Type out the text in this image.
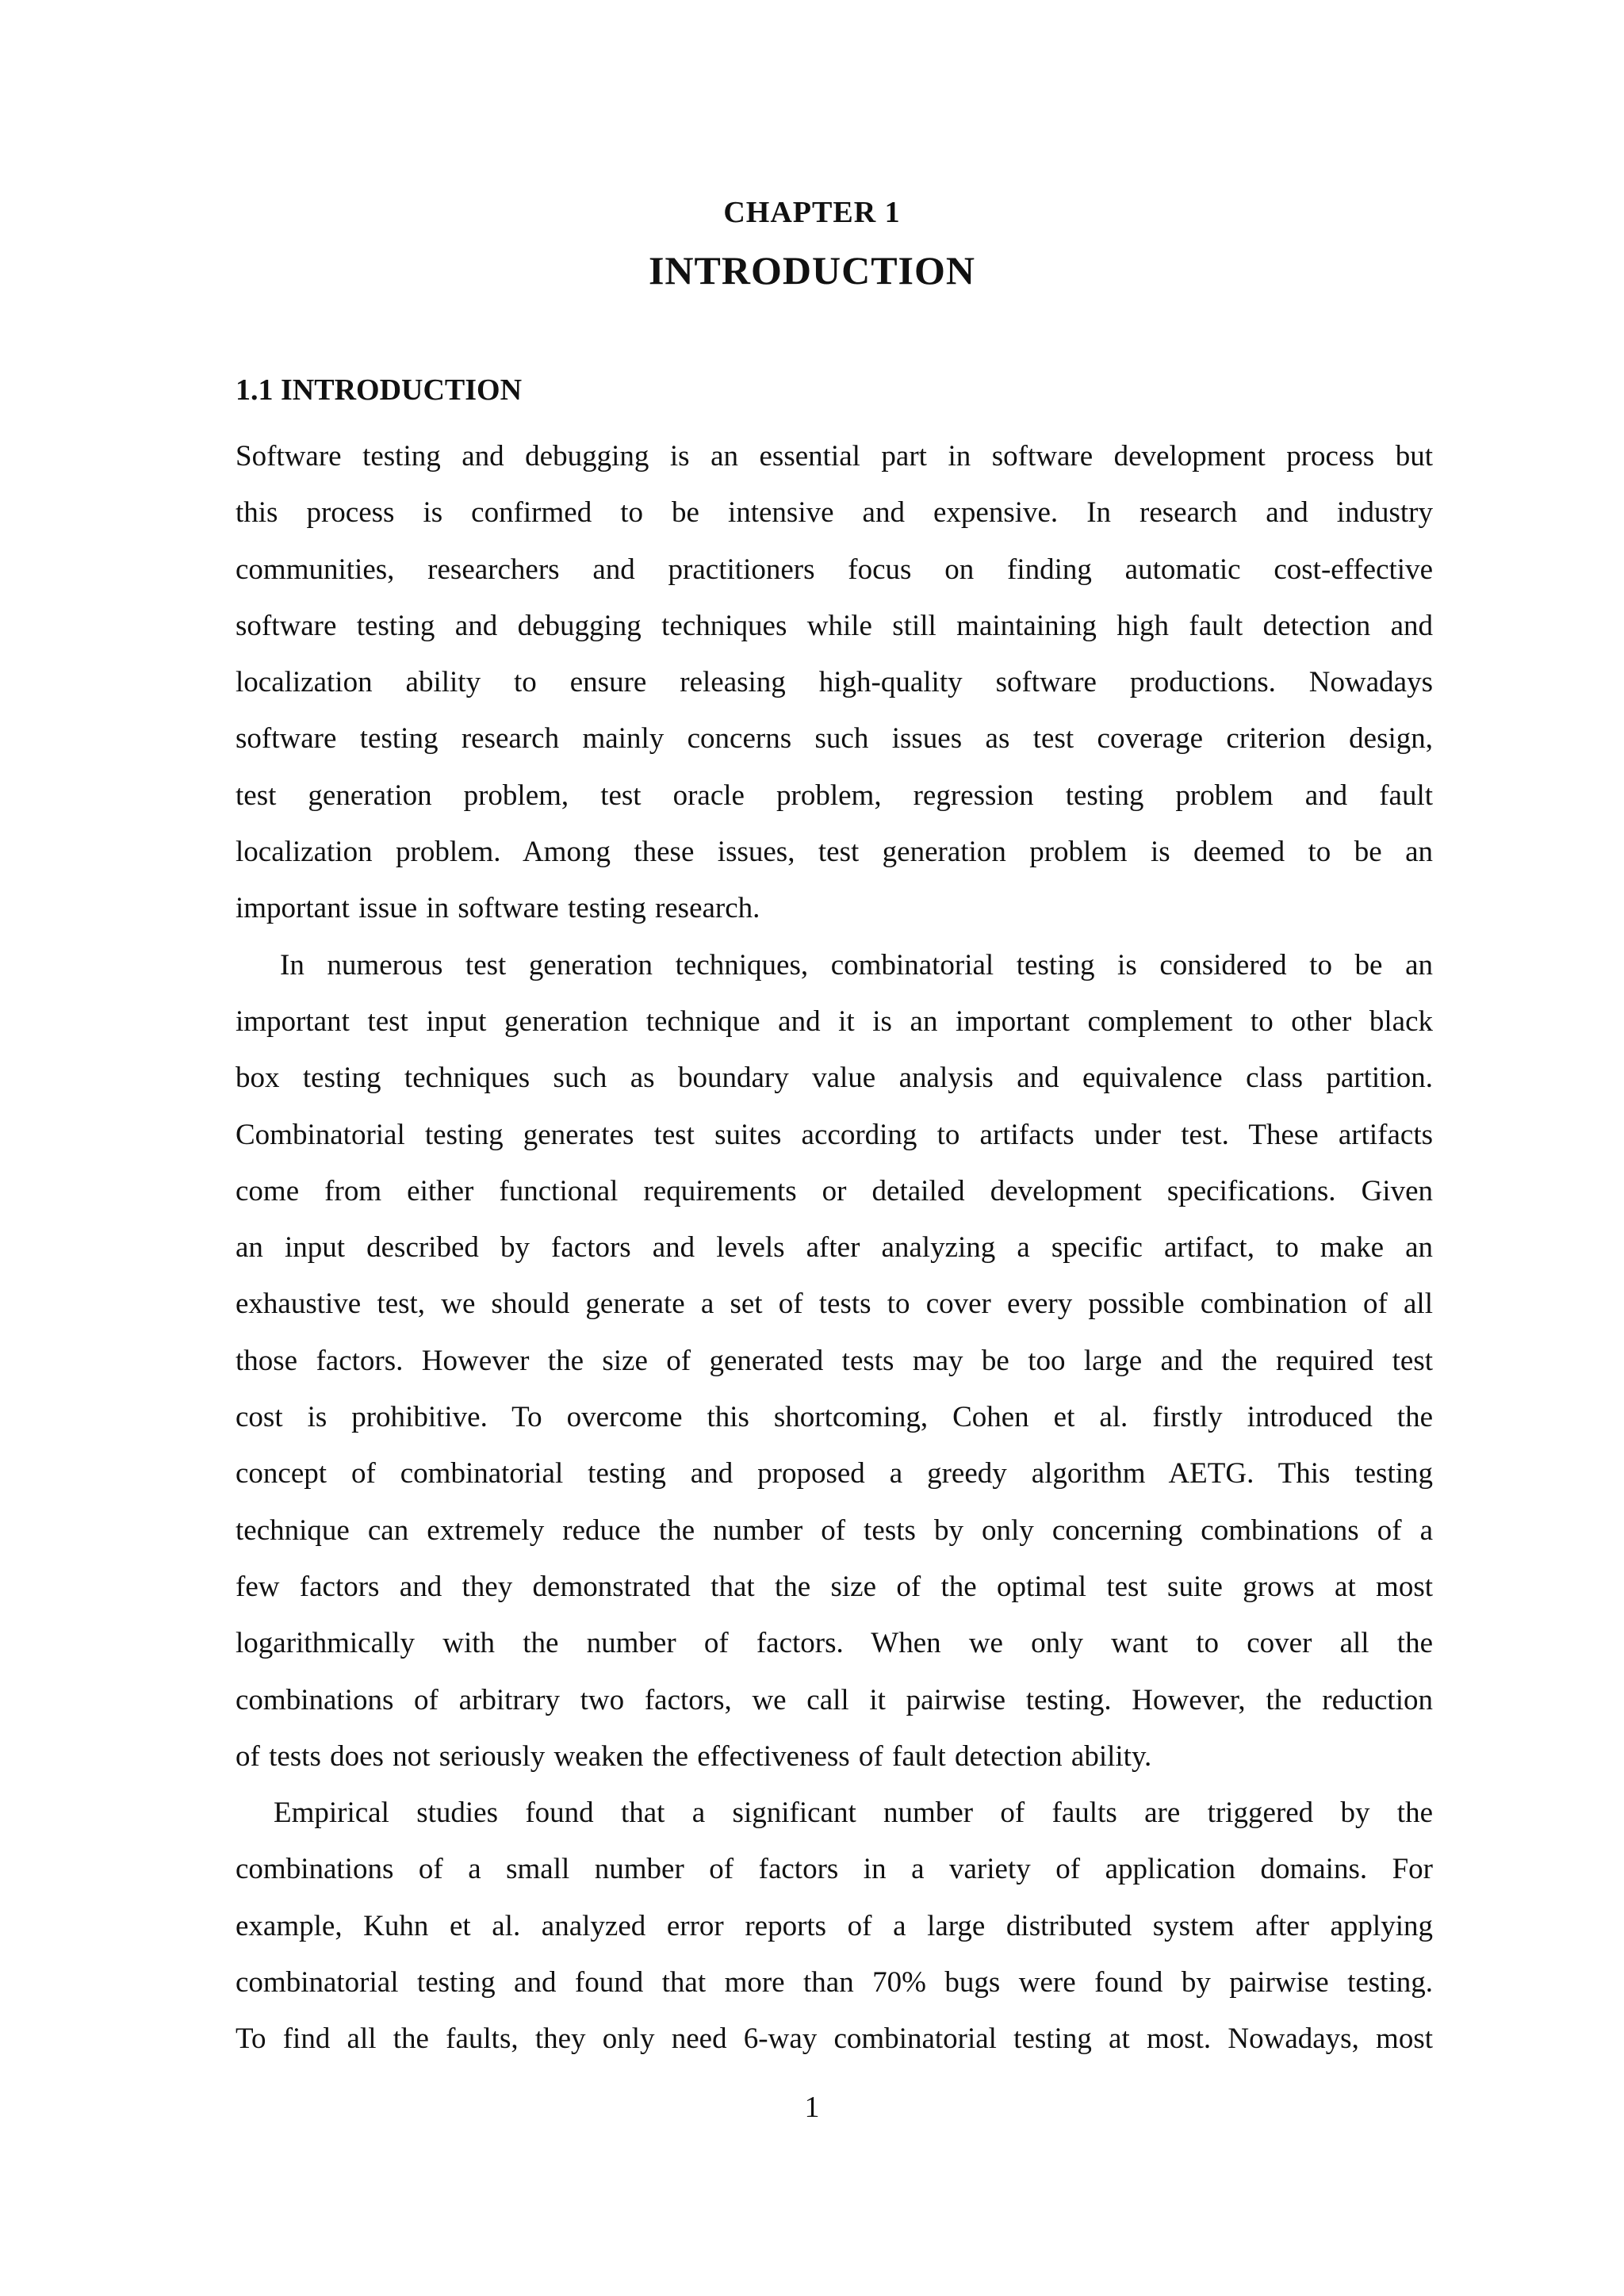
CHAPTER 1
INTRODUCTION
1.1 INTRODUCTION
Software testing and debugging is an essential part in software development process but
this process is confirmed to be intensive and expensive. In research and industry
communities, researchers and practitioners focus on finding automatic cost-effective
software testing and debugging techniques while still maintaining high fault detection and
localization ability to ensure releasing high-quality software productions. Nowadays
software testing research mainly concerns such issues as test coverage criterion design,
test generation problem, test oracle problem, regression testing problem and fault
localization problem. Among these issues, test generation problem is deemed to be an
important issue in software testing research.
In numerous test generation techniques, combinatorial testing is considered to be an
important test input generation technique and it is an important complement to other black
box testing techniques such as boundary value analysis and equivalence class partition.
Combinatorial testing generates test suites according to artifacts under test. These artifacts
come from either functional requirements or detailed development specifications. Given
an input described by factors and levels after analyzing a specific artifact, to make an
exhaustive test, we should generate a set of tests to cover every possible combination of all
those factors. However the size of generated tests may be too large and the required test
cost is prohibitive. To overcome this shortcoming, Cohen et al. firstly introduced the
concept of combinatorial testing and proposed a greedy algorithm AETG. This testing
technique can extremely reduce the number of tests by only concerning combinations of a
few factors and they demonstrated that the size of the optimal test suite grows at most
logarithmically with the number of factors. When we only want to cover all the
combinations of arbitrary two factors, we call it pairwise testing. However, the reduction
of tests does not seriously weaken the effectiveness of fault detection ability.
Empirical studies found that a significant number of faults are triggered by the
combinations of a small number of factors in a variety of application domains. For
example, Kuhn et al. analyzed error reports of a large distributed system after applying
combinatorial testing and found that more than 70% bugs were found by pairwise testing.
To find all the faults, they only need 6-way combinatorial testing at most. Nowadays, most
1
